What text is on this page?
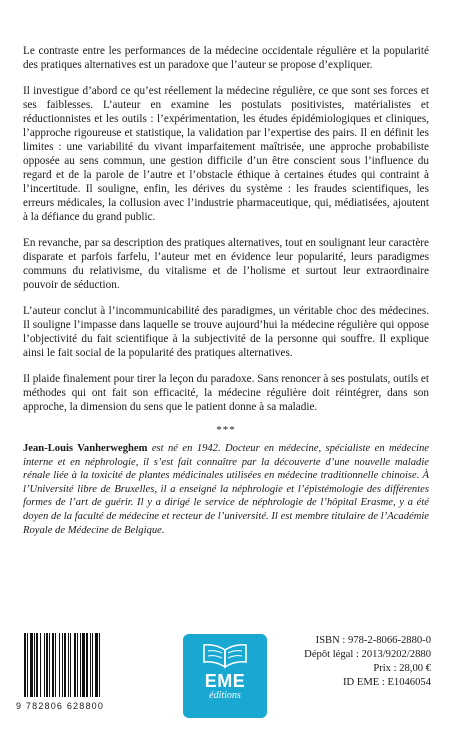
Le contraste entre les performances de la médecine occidentale régulière et la popularité des pratiques alternatives est un paradoxe que l’auteur se propose d’expliquer.

Il investigue d’abord ce qu’est réellement la médecine régulière, ce que sont ses forces et ses faiblesses. L’auteur en examine les postulats positivistes, matérialistes et réductionnistes et les outils : l’expérimentation, les études épidémiologiques et cliniques, l’approche rigoureuse et statistique, la validation par l’expertise des pairs. Il en définit les limites : une variabilité du vivant imparfaitement maîtrisée, une approche probabiliste opposée au sens commun, une gestion difficile d’un être conscient sous l’influence du regard et de la parole de l’autre et l’obstacle éthique à certaines études qui contraint à l’incertitude. Il souligne, enfin, les dérives du système : les fraudes scientifiques, les erreurs médicales, la collusion avec l’industrie pharmaceutique, qui, médiatisées, ajoutent à la défiance du grand public.

En revanche, par sa description des pratiques alternatives, tout en soulignant leur caractère disparate et parfois farfelu, l’auteur met en évidence leur popularité, leurs paradigmes communs du relativisme, du vitalisme et de l’holisme et surtout leur extraordinaire pouvoir de séduction.

L’auteur conclut à l’incommunicabilité des paradigmes, un véritable choc des médecines. Il souligne l’impasse dans laquelle se trouve aujourd’hui la médecine régulière qui oppose l’objectivité du fait scientifique à la subjectivité de la personne qui souffre. Il explique ainsi le fait social de la popularité des pratiques alternatives.

Il plaide finalement pour tirer la leçon du paradoxe. Sans renoncer à ses postulats, outils et méthodes qui ont fait son efficacité, la médecine régulière doit réintégrer, dans son approche, la dimension du sens que le patient donne à sa maladie.

***

Jean-Louis Vanherweghem est né en 1942. Docteur en médecine, spécialiste en médecine interne et en néphrologie, il s’est fait connaître par la découverte d’une nouvelle maladie rénale liée à la toxicité de plantes médicinales utilisées en médecine traditionnelle chinoise. À l’Université libre de Bruxelles, il a enseigné la néphrologie et l’épistémologie des différentes formes de l’art de guérir. Il y a dirigé le service de néphrologie de l’hôpital Erasme, y a été doyen de la faculté de médecine et recteur de l’université. Il est membre titulaire de l’Académie Royale de Médecine de Belgique.

9 782806 628800
EME
éditions
ISBN : 978-2-8066-2880-0
Dépôt légal : 2013/9202/2880
Prix : 28,00 €
ID EME : E1046054
